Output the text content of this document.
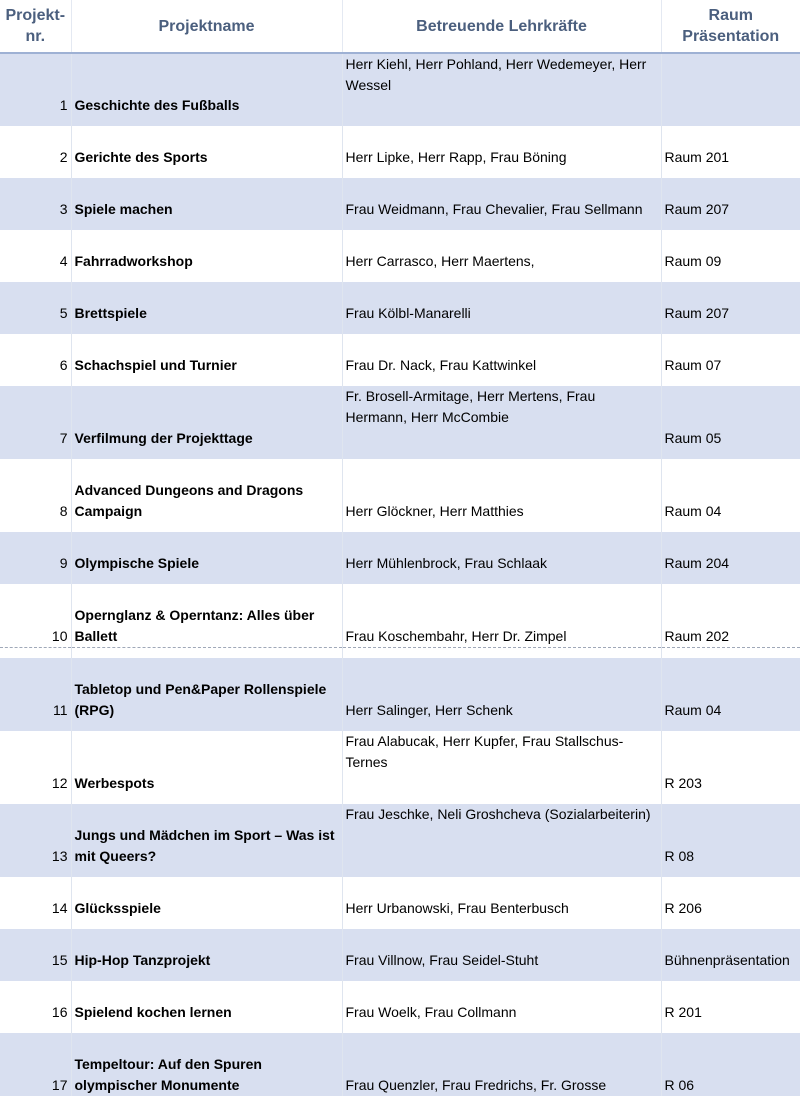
Projekt-
nr.	Projektname	Betreuende Lehrkräfte	Raum Präsentation
1	Geschichte des Fußballs	Herr Kiehl, Herr Pohland, Herr Wedemeyer, Herr Wessel	

2	Gerichte des Sports	Herr Lipke, Herr Rapp, Frau Böning	Raum 201

3	Spiele machen	Frau Weidmann, Frau Chevalier, Frau Sellmann	Raum 207

4	Fahrradworkshop	Herr Carrasco, Herr Maertens,	Raum 09

5	Brettspiele	Frau Kölbl-Manarelli	Raum 207

6	Schachspiel und Turnier	Frau Dr. Nack, Frau Kattwinkel	Raum 07

7	Verfilmung der Projekttage	Fr. Brosell-Armitage, Herr Mertens, Frau Hermann, Herr McCombie	Raum 05

8	Advanced Dungeons and Dragons Campaign	Herr Glöckner, Herr Matthies	Raum 04

9	Olympische Spiele	Herr Mühlenbrock, Frau Schlaak	Raum 204

10	Opernglanz & Operntanz: Alles über Ballett	Frau Koschembahr, Herr Dr. Zimpel	Raum 202

11	Tabletop und Pen&Paper Rollenspiele (RPG)	Herr Salinger, Herr Schenk	Raum 04

12	Werbespots	Frau Alabucak, Herr Kupfer, Frau Stallschus-Ternes	R 203

13	Jungs und Mädchen im Sport – Was ist mit Queers?	Frau Jeschke, Neli Groshcheva (Sozialarbeiterin)	R 08

14	Glücksspiele	Herr Urbanowski, Frau Benterbusch	R 206

15	Hip-Hop Tanzprojekt	Frau Villnow, Frau Seidel-Stuht	Bühnenpräsentation

16	Spielend kochen lernen	Frau Woelk, Frau Collmann	R 201

17	Tempeltour: Auf den Spuren olympischer Monumente	Frau Quenzler, Frau Fredrichs, Fr. Grosse	R 06
